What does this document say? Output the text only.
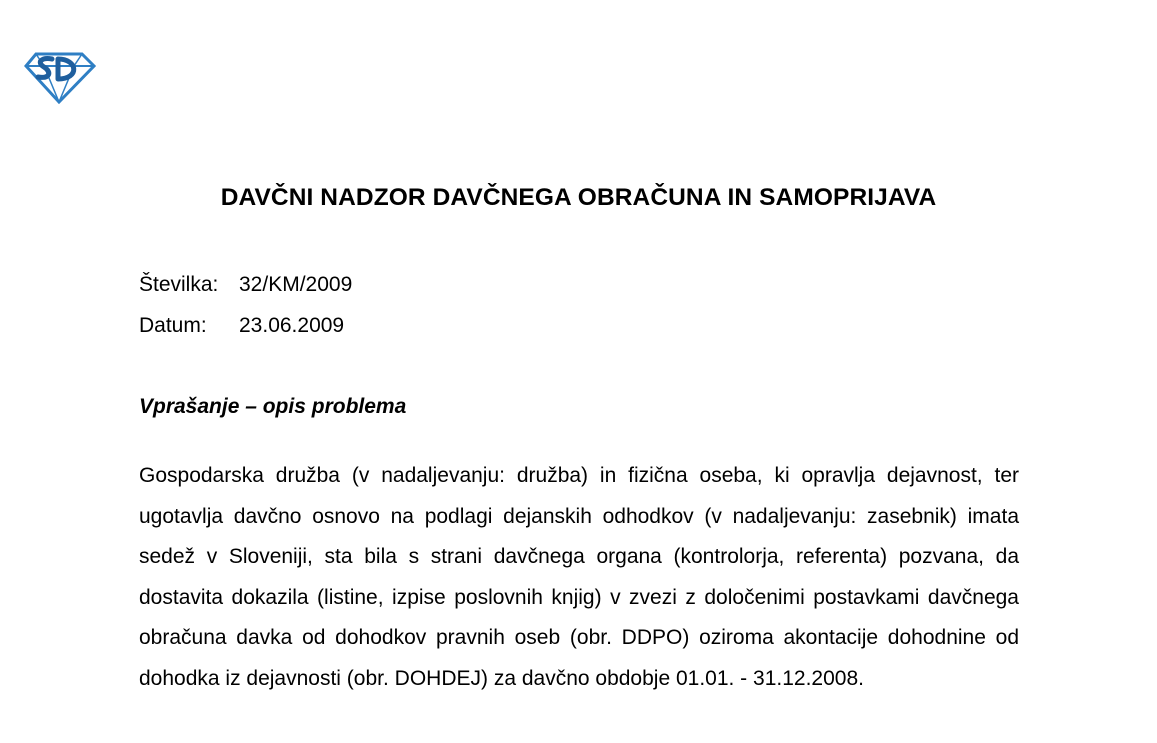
DAVČNI NADZOR DAVČNEGA OBRAČUNA IN SAMOPRIJAVA
Številka: 32/KM/2009
Datum:	23.06.2009
Vprašanje – opis problema

Gospodarska družba (v nadaljevanju: družba) in fizična oseba, ki opravlja dejavnost, ter ugotavlja davčno osnovo na podlagi dejanskih odhodkov (v nadaljevanju: zasebnik) imata sedež v Sloveniji, sta bila s strani davčnega organa (kontrolorja, referenta) pozvana, da dostavita dokazila (listine, izpise poslovnih knjig) v zvezi z določenimi postavkami davčnega obračuna davka od dohodkov pravnih oseb (obr. DDPO) oziroma akontacije dohodnine od dohodka iz dejavnosti (obr. DOHDEJ) za davčno obdobje 01.01. - 31.12.2008.
